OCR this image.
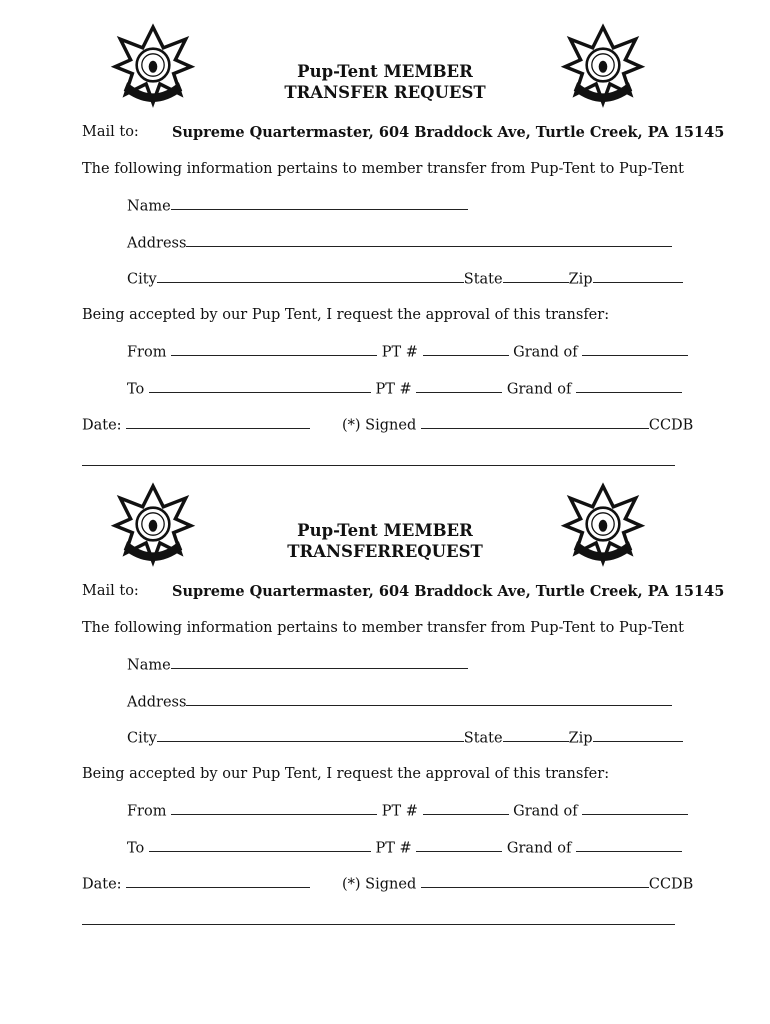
Pup-Tent MEMBER
TRANSFER REQUEST
Mail to: Supreme Quartermaster, 604 Braddock Ave, Turtle Creek, PA 15145
The following information pertains to member transfer from Pup-Tent to Pup-Tent
Name
Address
City	State	Zip
Being accepted by our Pup Tent, I request the approval of this transfer:
From	PT #	Grand of
To	PT #	Grand of
Date:	(*) Signed	CCDB
Pup-Tent MEMBER
TRANSFERREQUEST
Mail to: Supreme Quartermaster, 604 Braddock Ave, Turtle Creek, PA 15145
The following information pertains to member transfer from Pup-Tent to Pup-Tent
Name
Address
City	State	Zip
Being accepted by our Pup Tent, I request the approval of this transfer:
From	PT #	Grand of
To	PT #	Grand of
Date:	(*) Signed	CCDB
